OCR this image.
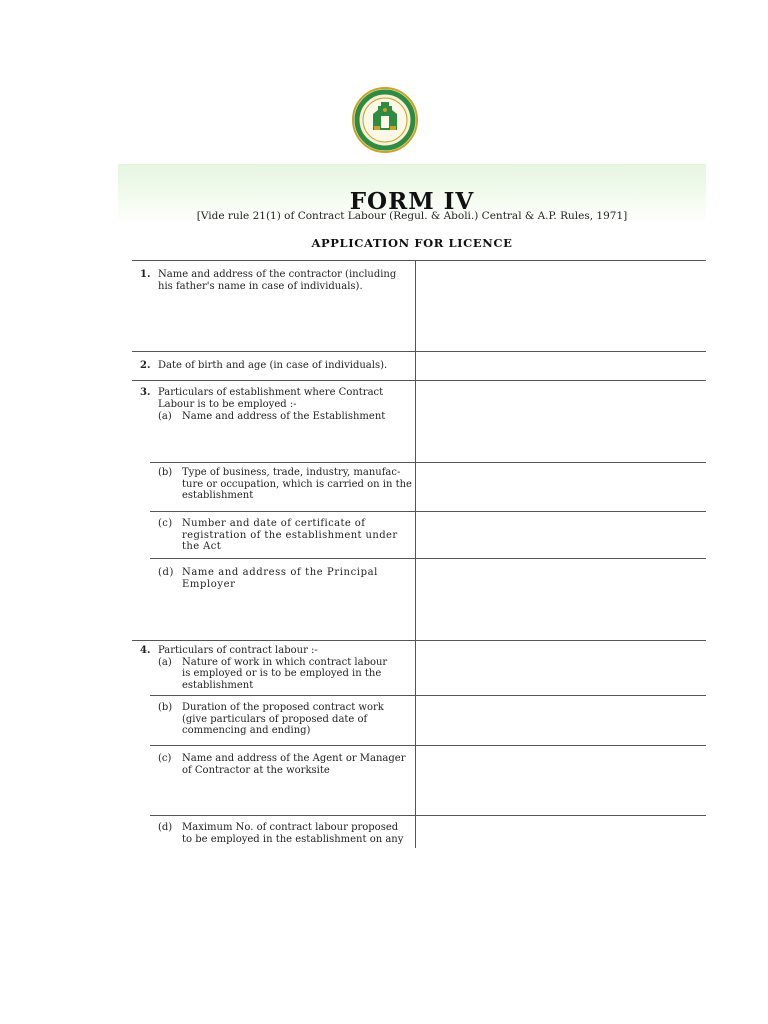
FORM IV
[Vide rule 21(1) of Contract Labour (Regul. & Aboli.) Central & A.P. Rules, 1971]
APPLICATION FOR LICENCE
1. Name and address of the contractor (including
his father's name in case of individuals).
2. Date of birth and age (in case of individuals).
3. Particulars of establishment where Contract
Labour is to be employed :-
(a) Name and address of the Establishment
(b) Type of business, trade, industry, manufac-
ture or occupation, which is carried on in the
establishment
(c) Number and date of certificate of
registration of the establishment under
the Act
(d) Name and address of the Principal
Employer
4. Particulars of contract labour :-
(a) Nature of work in which contract labour
is employed or is to be employed in the
establishment
(b) Duration of the proposed contract work
(give particulars of proposed date of
commencing and ending)
(c) Name and address of the Agent or Manager
of Contractor at the worksite
(d) Maximum No. of contract labour proposed
to be employed in the establishment on any
